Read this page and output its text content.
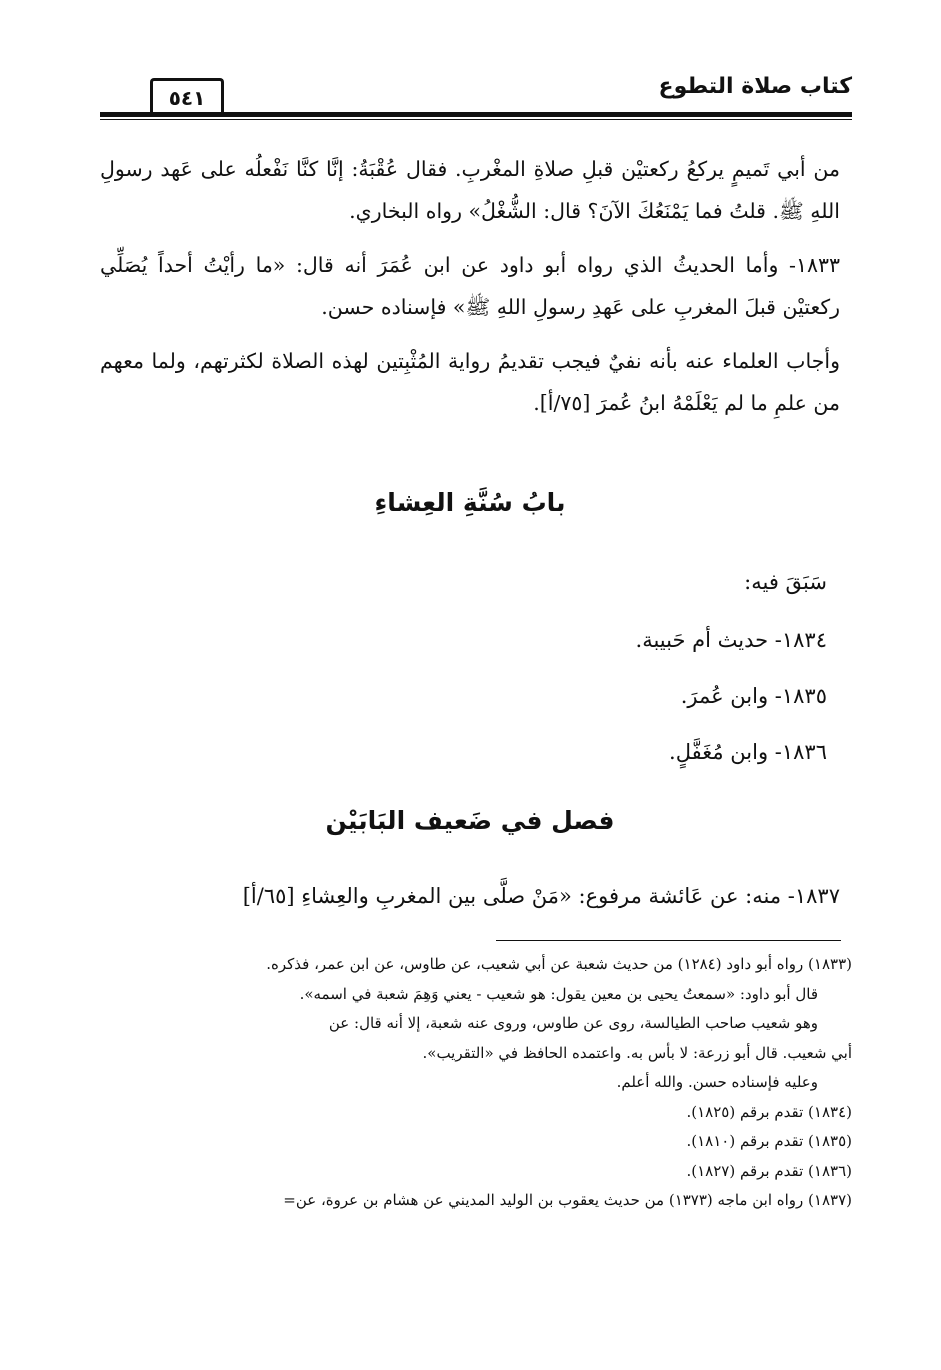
كتاب صلاة التطوع
٥٤١

من أبي تَميمٍ يركعُ ركعتيْن قبلِ صلاةِ المغْربِ. فقال عُقْبَةُ: إنَّا كنَّا نَفْعلُه على عَهد رسولِ اللهِ ﷺ. قلتُ فما يَمْنَعُكَ الآنَ؟ قال: الشُّغْلُ» رواه البخاري.

١٨٣٣- وأما الحديثُ الذي رواه أبو داود عن ابن عُمَرَ أنه قال: «ما رأيْتُ أحداً يُصَلِّي ركعتيْن قبلَ المغربِ على عَهدِ رسولِ اللهِ ﷺ» فإسناده حسن.

وأجاب العلماء عنه بأنه نفيٌ فيجب تقديمُ رواية المُثْبِتين لهذه الصلاة لكثرتهم، ولما معهم من علمِ ما لم يَعْلَمْهُ ابنُ عُمرَ [٧٥/أ].

بابُ سُنَّةِ العِشاءِ
سَبَقَ فيه:
١٨٣٤- حديث أم حَبيبة.
١٨٣٥- وابن عُمرَ.
١٨٣٦- وابن مُغَفَّلٍ.
فصل في ضَعيف البَابَيْن
١٨٣٧- منه: عن عَائشة مرفوع: «مَنْ صلَّى بين المغربِ والعِشاءِ [٦٥/أ]
(١٨٣٣) رواه أبو داود (١٢٨٤) من حديث شعبة عن أبي شعيب، عن طاوس، عن ابن عمر، فذكره.
قال أبو داود: «سمعتُ يحيى بن معين يقول: هو شعيب - يعني وَهِمَ شعبة في اسمه».
وهو شعيب صاحب الطيالسة، روى عن طاوس، وروى عنه شعبة، إلا أنه قال: عن
أبي شعيب. قال أبو زرعة: لا بأس به. واعتمده الحافظ في «التقريب».
وعليه فإسناده حسن. والله أعلم.
(١٨٣٤) تقدم برقم (١٨٢٥).
(١٨٣٥) تقدم برقم (١٨١٠).
(١٨٣٦) تقدم برقم (١٨٢٧).
(١٨٣٧) رواه ابن ماجه (١٣٧٣) من حديث يعقوب بن الوليد المديني عن هشام بن عروة، عن=
